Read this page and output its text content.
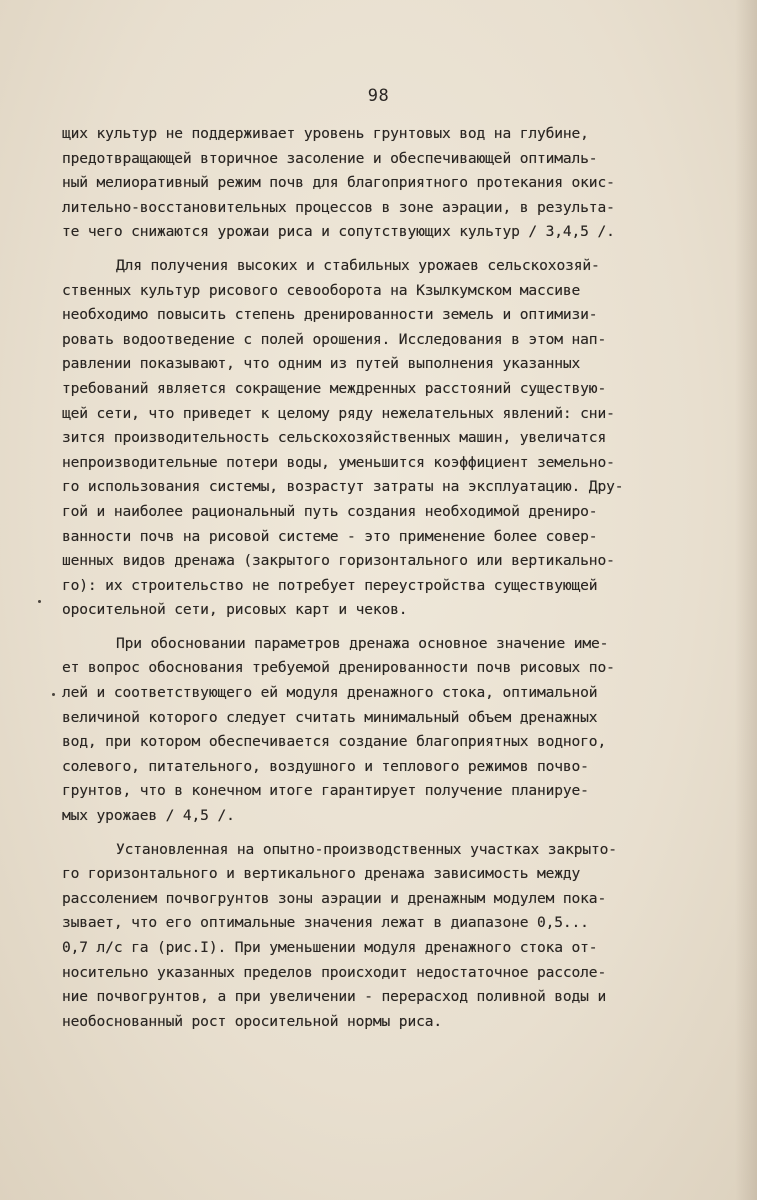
98
щих культур не поддерживает уровень грунтовых вод на глубине,
предотвращающей вторичное засоление и обеспечивающей оптималь-
ный мелиоративный режим почв для благоприятного протекания окис-
лительно-восстановительных процессов в зоне аэрации, в результа-
те чего снижаются урожаи риса и сопутствующих культур / 3,4,5 /.
Для получения высоких и стабильных урожаев сельскохозяй-
ственных культур рисового севооборота на Кзылкумском массиве
необходимо повысить степень дренированности земель и оптимизи-
ровать водоотведение с полей орошения. Исследования в этом нап-
равлении показывают, что одним из путей выполнения указанных
требований является сокращение междренных расстояний существую-
щей сети, что приведет к целому ряду нежелательных явлений: сни-
зится производительность сельскохозяйственных машин, увеличатся
непроизводительные потери воды, уменьшится коэффициент земельно-
го использования системы, возрастут затраты на эксплуатацию. Дру-
гой и наиболее рациональный путь создания необходимой дрениро-
ванности почв на рисовой системе - это применение более совер-
шенных видов дренажа (закрытого горизонтального или вертикально-
го): их строительство не потребует переустройства существующей
оросительной сети, рисовых карт и чеков.
При обосновании параметров дренажа основное значение име-
ет вопрос обоснования требуемой дренированности почв рисовых по-
лей и соответствующего ей модуля дренажного стока, оптимальной
величиной которого следует считать минимальный объем дренажных
вод, при котором обеспечивается создание благоприятных водного,
солевого, питательного, воздушного и теплового режимов почво-
грунтов, что в конечном итоге гарантирует получение планируе-
мых урожаев / 4,5 /.
Установленная на опытно-производственных участках закрыто-
го горизонтального и вертикального дренажа зависимость между
рассолением почвогрунтов зоны аэрации и дренажным модулем пока-
зывает, что его оптимальные значения лежат в диапазоне 0,5...
0,7 л/с га (рис.I). При уменьшении модуля дренажного стока от-
носительно указанных пределов происходит недостаточное рассоле-
ние почвогрунтов, а при увеличении - перерасход поливной воды и
необоснованный рост оросительной нормы риса.
